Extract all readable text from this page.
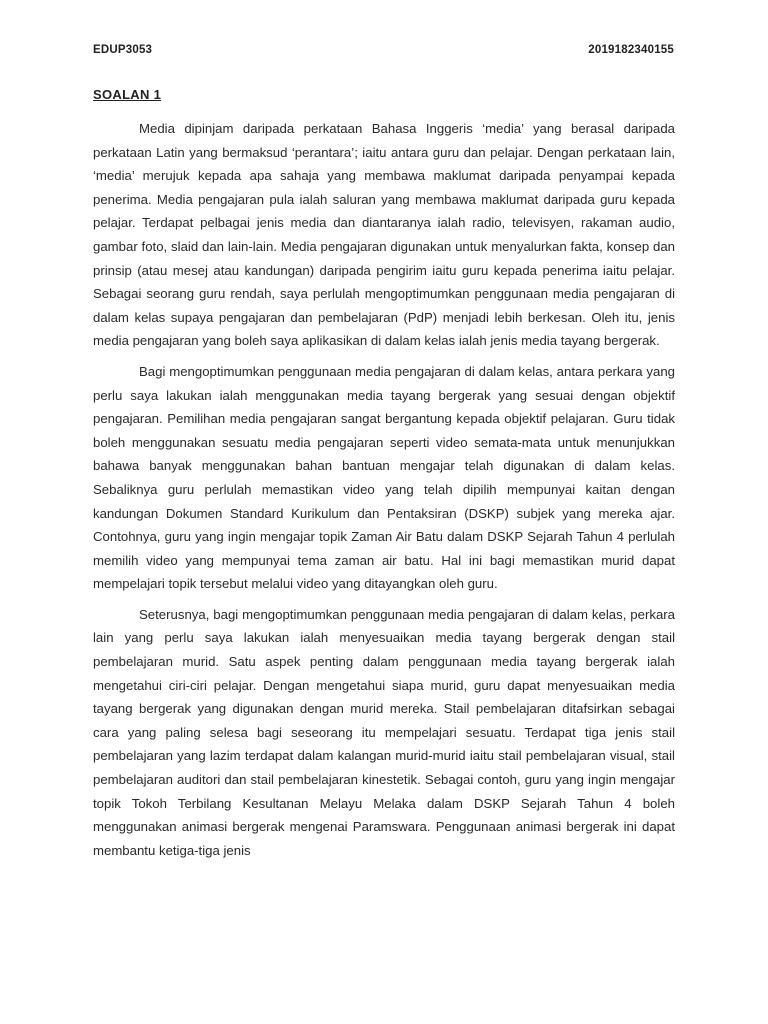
EDUP3053	2019182340155
SOALAN 1

Media dipinjam daripada perkataan Bahasa Inggeris ‘media’ yang berasal daripada perkataan Latin yang bermaksud ‘perantara’; iaitu antara guru dan pelajar. Dengan perkataan lain, ‘media’ merujuk kepada apa sahaja yang membawa maklumat daripada penyampai kepada penerima. Media pengajaran pula ialah saluran yang membawa maklumat daripada guru kepada pelajar. Terdapat pelbagai jenis media dan diantaranya ialah radio, televisyen, rakaman audio, gambar foto, slaid dan lain-lain. Media pengajaran digunakan untuk menyalurkan fakta, konsep dan prinsip (atau mesej atau kandungan) daripada pengirim iaitu guru kepada penerima iaitu pelajar. Sebagai seorang guru rendah, saya perlulah mengoptimumkan penggunaan media pengajaran di dalam kelas supaya pengajaran dan pembelajaran (PdP) menjadi lebih berkesan. Oleh itu, jenis media pengajaran yang boleh saya aplikasikan di dalam kelas ialah jenis media tayang bergerak.

Bagi mengoptimumkan penggunaan media pengajaran di dalam kelas, antara perkara yang perlu saya lakukan ialah menggunakan media tayang bergerak yang sesuai dengan objektif pengajaran. Pemilihan media pengajaran sangat bergantung kepada objektif pelajaran. Guru tidak boleh menggunakan sesuatu media pengajaran seperti video semata-mata untuk menunjukkan bahawa banyak menggunakan bahan bantuan mengajar telah digunakan di dalam kelas. Sebaliknya guru perlulah memastikan video yang telah dipilih mempunyai kaitan dengan kandungan Dokumen Standard Kurikulum dan Pentaksiran (DSKP) subjek yang mereka ajar. Contohnya, guru yang ingin mengajar topik Zaman Air Batu dalam DSKP Sejarah Tahun 4 perlulah memilih video yang mempunyai tema zaman air batu. Hal ini bagi memastikan murid dapat mempelajari topik tersebut melalui video yang ditayangkan oleh guru.

Seterusnya, bagi mengoptimumkan penggunaan media pengajaran di dalam kelas, perkara lain yang perlu saya lakukan ialah menyesuaikan media tayang bergerak dengan stail pembelajaran murid. Satu aspek penting dalam penggunaan media tayang bergerak ialah mengetahui ciri-ciri pelajar. Dengan mengetahui siapa murid, guru dapat menyesuaikan media tayang bergerak yang digunakan dengan murid mereka. Stail pembelajaran ditafsirkan sebagai cara yang paling selesa bagi seseorang itu mempelajari sesuatu. Terdapat tiga jenis stail pembelajaran yang lazim terdapat dalam kalangan murid-murid iaitu stail pembelajaran visual, stail pembelajaran auditori dan stail pembelajaran kinestetik. Sebagai contoh, guru yang ingin mengajar topik Tokoh Terbilang Kesultanan Melayu Melaka dalam DSKP Sejarah Tahun 4 boleh menggunakan animasi bergerak mengenai Paramswara. Penggunaan animasi bergerak ini dapat membantu ketiga-tiga jenis
